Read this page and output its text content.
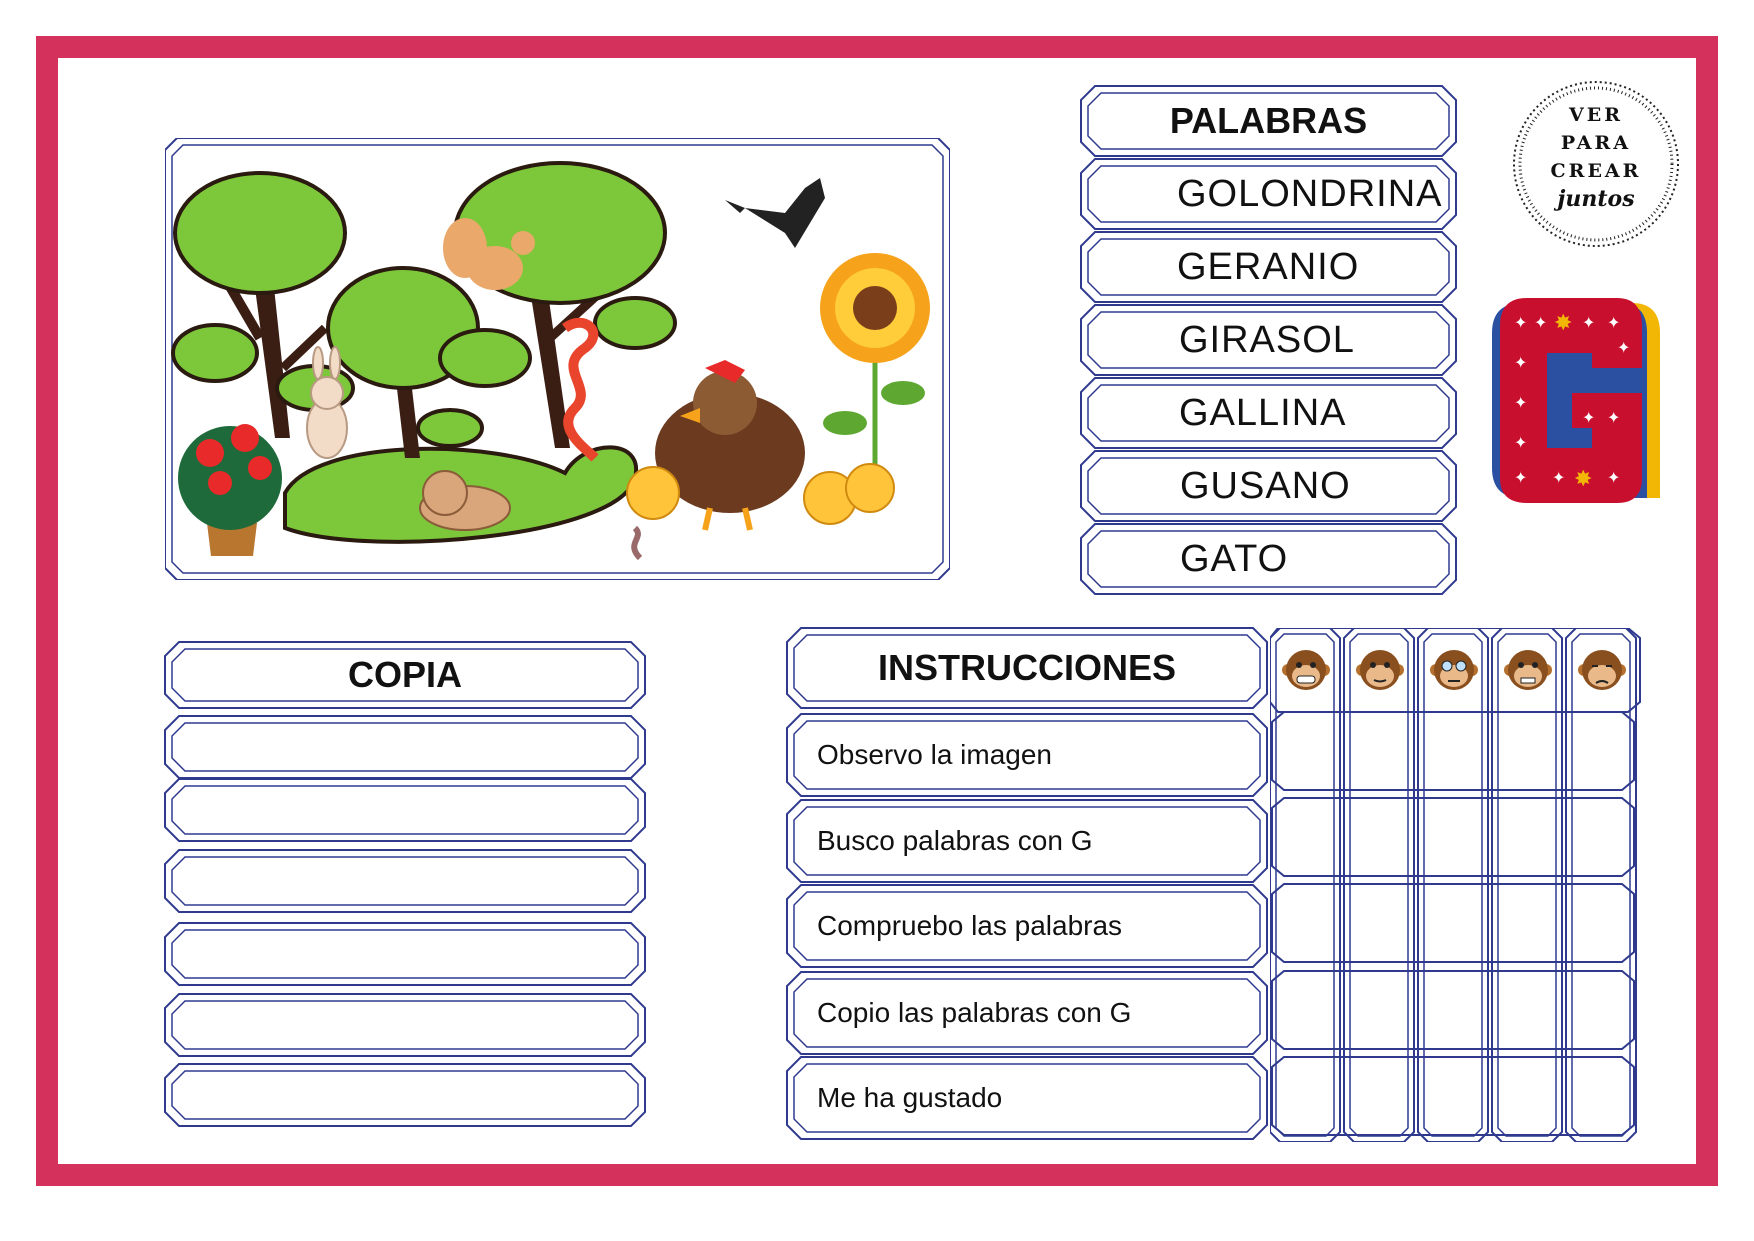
PALABRAS
GOLONDRINA
GERANIO
GIRASOL
GALLINA
GUSANO
GATO
VER
PARA
CREAR
juntos
✦ ✦ ✦ ✦
✦
✦
✦
✦ ✦	✦
✦
✦
✦
✸
✸
COPIA	INSTRUCCIONES
Observo la imagen
Busco palabras con G
Compruebo las palabras
Copio las palabras con G
Me ha gustado
